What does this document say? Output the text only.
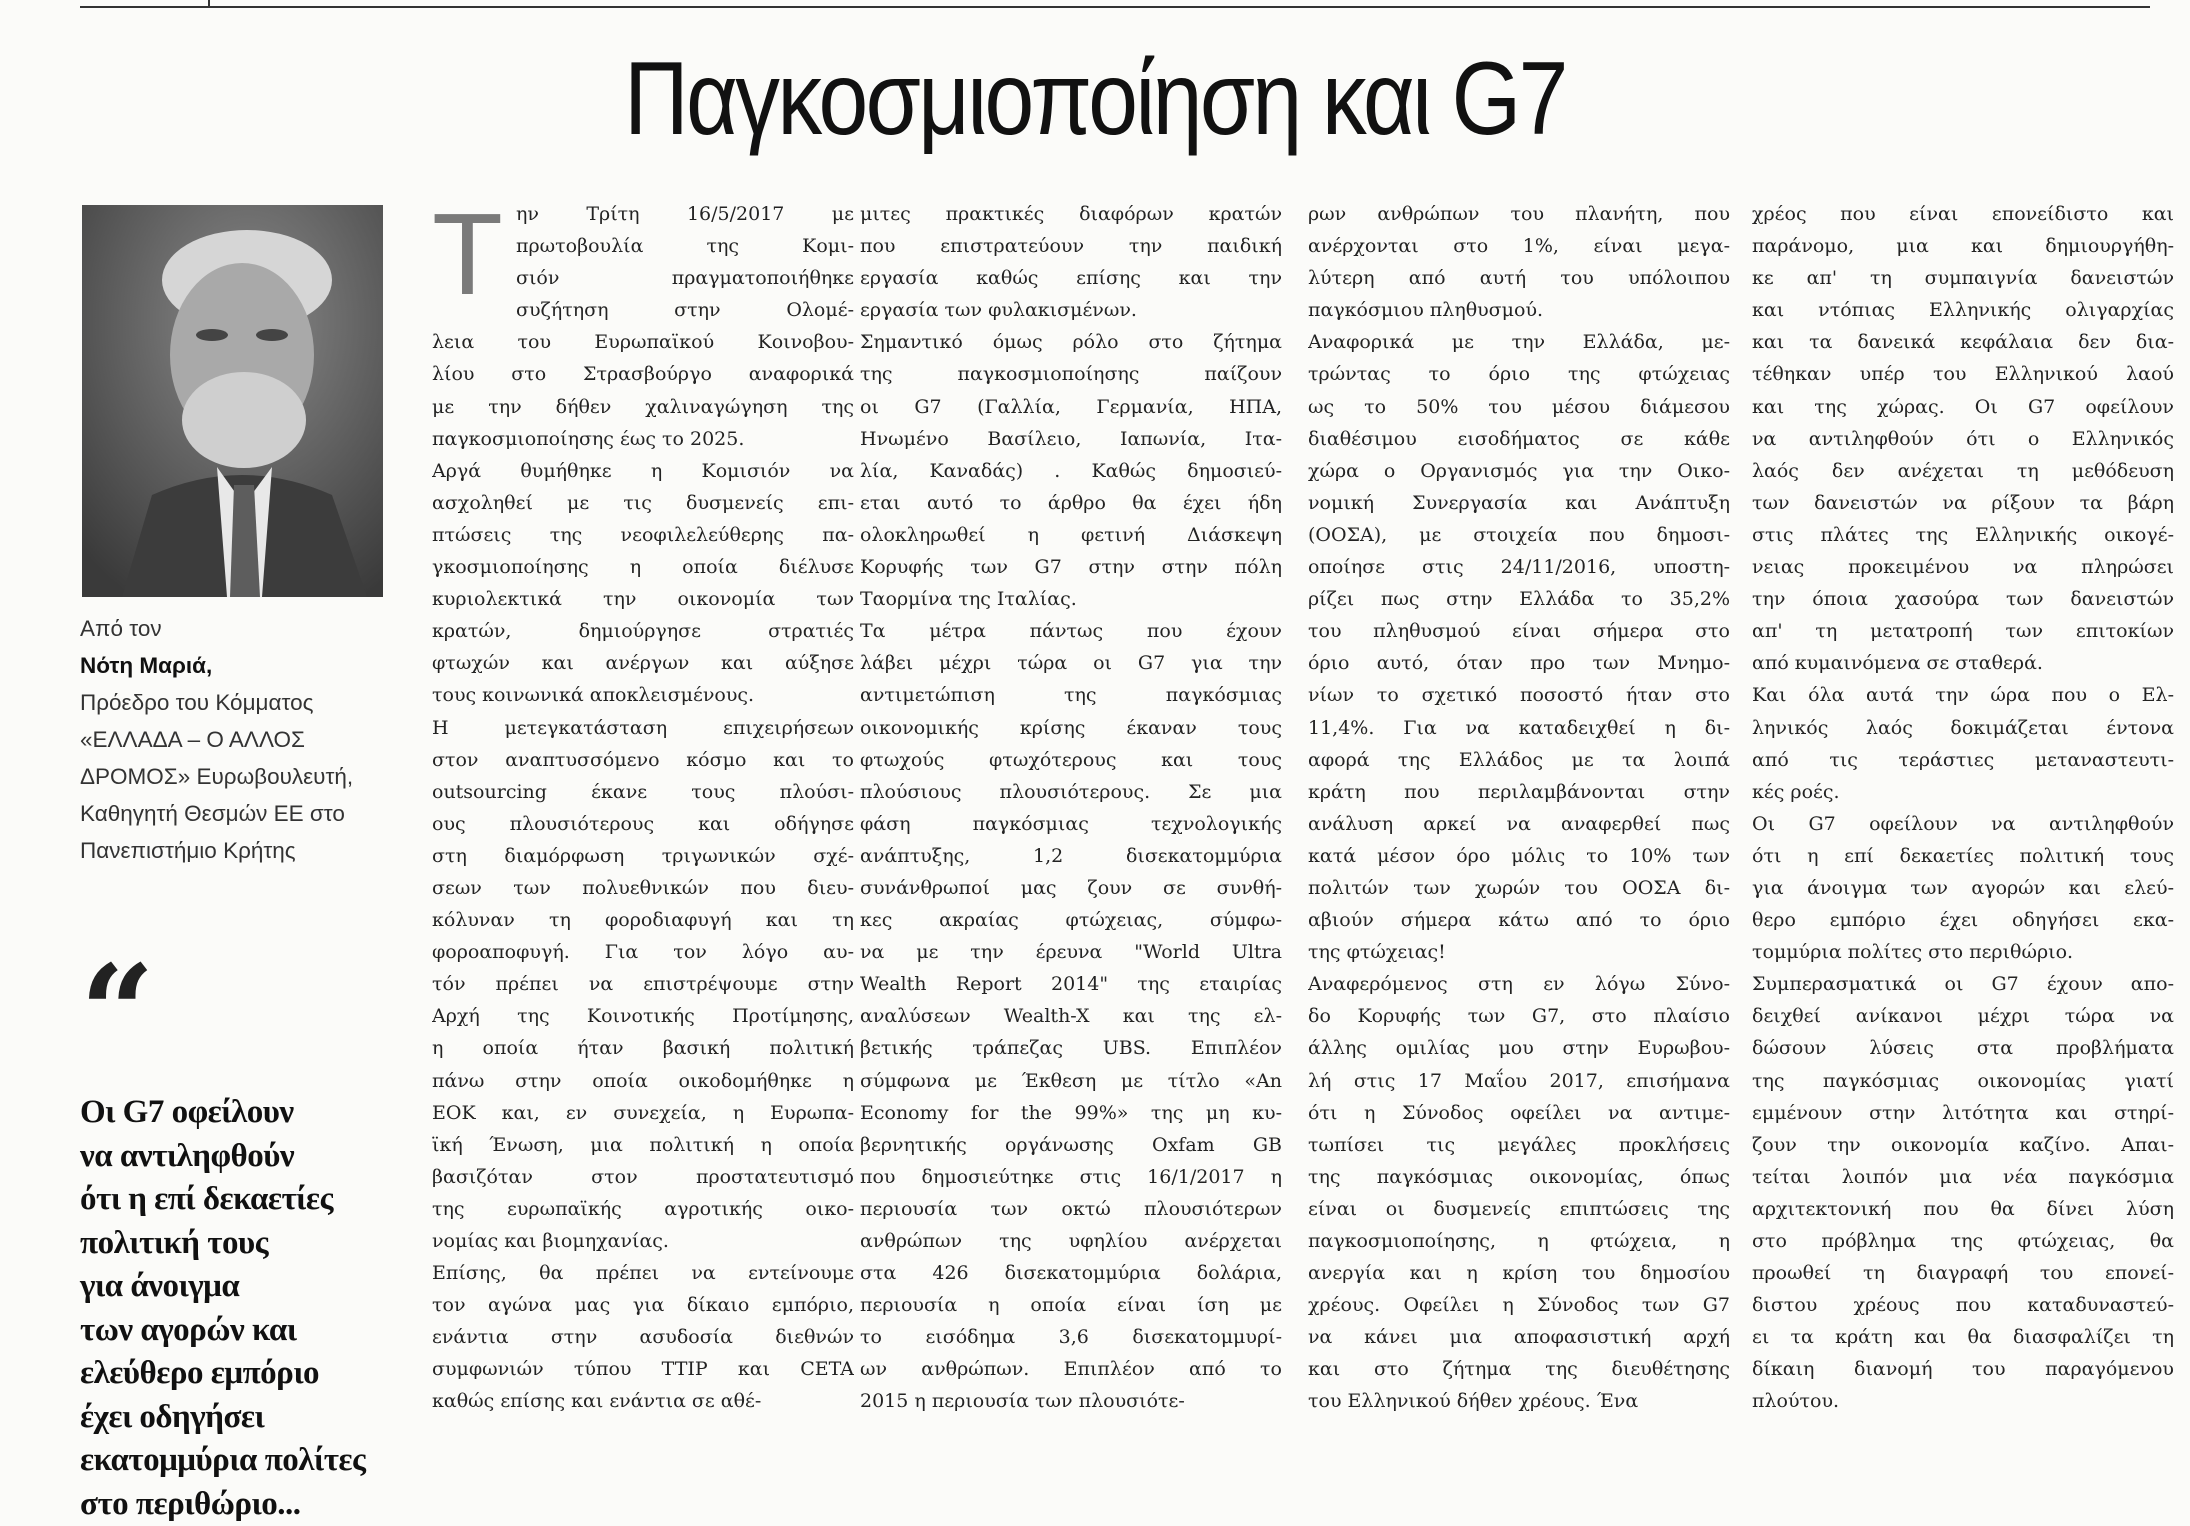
Παγκοσμιοποίηση και G7
Από τον
Νότη Μαριά,
Πρόεδρο του Κόμματος
«ΕΛΛΑΔΑ – Ο ΑΛΛΟΣ
ΔΡΟΜΟΣ» Ευρωβουλευτή,
Καθηγητή Θεσμών ΕΕ στο
Πανεπιστήμιο Κρήτης
“
Οι G7 οφείλουν
να αντιληφθούν
ότι η επί δεκαετίες
πολιτική τους
για άνοιγμα
των αγορών και
ελεύθερο εμπόριο
έχει οδηγήσει
εκατομμύρια πολίτες
στο περιθώριο...
Τ ην Τρίτη 16/5/2017 με
πρωτοβουλία της Κομι-
σιόν πραγματοποιήθηκε
συζήτηση στην Ολομέ-
λεια του Ευρωπαϊκού Κοινοβου-
λίου στο Στρασβούργο αναφορικά
με την δήθεν χαλιναγώγηση της
παγκοσμιοποίησης έως το 2025.
Αργά θυμήθηκε η Κομισιόν να
ασχοληθεί με τις δυσμενείς επι-
πτώσεις της νεοφιλελεύθερης πα-
γκοσμιοποίησης η οποία διέλυσε
κυριολεκτικά την οικονομία των
κρατών, δημιούργησε στρατιές
φτωχών και ανέργων και αύξησε
τους κοινωνικά αποκλεισμένους.
Η μετεγκατάσταση επιχειρήσεων
στον αναπτυσσόμενο κόσμο και το
outsourcing έκανε τους πλούσι-
ους πλουσιότερους και οδήγησε
στη διαμόρφωση τριγωνικών σχέ-
σεων των πολυεθνικών που διευ-
κόλυναν τη φοροδιαφυγή και τη
φοροαποφυγή. Για τον λόγο αυ-
τόν πρέπει να επιστρέψουμε στην
Αρχή της Κοινοτικής Προτίμησης,
η οποία ήταν βασική πολιτική
πάνω στην οποία οικοδομήθηκε η
ΕΟΚ και, εν συνεχεία, η Ευρωπα-
ϊκή Ένωση, μια πολιτική η οποία
βασιζόταν στον προστατευτισμό
της ευρωπαϊκής αγροτικής οικο-
νομίας και βιομηχανίας.
Επίσης, θα πρέπει να εντείνουμε
τον αγώνα μας για δίκαιο εμπόριο,
ενάντια στην ασυδοσία διεθνών
συμφωνιών τύπου TTIP και CETA
καθώς επίσης και ενάντια σε αθέ-
μιτες πρακτικές διαφόρων κρατών
που επιστρατεύουν την παιδική
εργασία καθώς επίσης και την
εργασία των φυλακισμένων.
Σημαντικό όμως ρόλο στο ζήτημα
της παγκοσμιοποίησης παίζουν
οι G7 (Γαλλία, Γερμανία, ΗΠΑ,
Ηνωμένο Βασίλειο, Ιαπωνία, Ιτα-
λία, Καναδάς) . Καθώς δημοσιεύ-
εται αυτό το άρθρο θα έχει ήδη
ολοκληρωθεί η φετινή Διάσκεψη
Κορυφής των G7 στην στην πόλη
Ταορμίνα της Ιταλίας.
Τα μέτρα πάντως που έχουν
λάβει μέχρι τώρα οι G7 για την
αντιμετώπιση της παγκόσμιας
οικονομικής κρίσης έκαναν τους
φτωχούς φτωχότερους και τους
πλούσιους πλουσιότερους. Σε μια
φάση παγκόσμιας τεχνολογικής
ανάπτυξης, 1,2 δισεκατομμύρια
συνάνθρωποί μας ζουν σε συνθή-
κες ακραίας φτώχειας, σύμφω-
να με την έρευνα "World Ultra
Wealth Report 2014" της εταιρίας
αναλύσεων Wealth-X και της ελ-
βετικής τράπεζας UBS. Επιπλέον
σύμφωνα με Έκθεση με τίτλο «An
Economy for the 99%» της μη κυ-
βερνητικής οργάνωσης Oxfam GB
που δημοσιεύτηκε στις 16/1/2017 η
περιουσία των οκτώ πλουσιότερων
ανθρώπων της υφηλίου ανέρχεται
στα 426 δισεκατομμύρια δολάρια,
περιουσία η οποία είναι ίση με
το εισόδημα 3,6 δισεκατομμυρί-
ων ανθρώπων. Επιπλέον από το
2015 η περιουσία των πλουσιότε-
ρων ανθρώπων του πλανήτη, που
ανέρχονται στο 1%, είναι μεγα-
λύτερη από αυτή του υπόλοιπου
παγκόσμιου πληθυσμού.
Αναφορικά με την Ελλάδα, με-
τρώντας το όριο της φτώχειας
ως το 50% του μέσου διάμεσου
διαθέσιμου εισοδήματος σε κάθε
χώρα ο Οργανισμός για την Οικο-
νομική Συνεργασία και Ανάπτυξη
(ΟΟΣΑ), με στοιχεία που δημοσι-
οποίησε στις 24/11/2016, υποστη-
ρίζει πως στην Ελλάδα το 35,2%
του πληθυσμού είναι σήμερα στο
όριο αυτό, όταν προ των Μνημο-
νίων το σχετικό ποσοστό ήταν στο
11,4%. Για να καταδειχθεί η δι-
αφορά της Ελλάδος με τα λοιπά
κράτη που περιλαμβάνονται στην
ανάλυση αρκεί να αναφερθεί πως
κατά μέσον όρο μόλις το 10% των
πολιτών των χωρών του ΟΟΣΑ δι-
αβιούν σήμερα κάτω από το όριο
της φτώχειας!
Αναφερόμενος στη εν λόγω Σύνο-
δο Κορυφής των G7, στο πλαίσιο
άλλης ομιλίας μου στην Ευρωβου-
λή στις 17 Μαΐου 2017, επισήμανα
ότι η Σύνοδος οφείλει να αντιμε-
τωπίσει τις μεγάλες προκλήσεις
της παγκόσμιας οικονομίας, όπως
είναι οι δυσμενείς επιπτώσεις της
παγκοσμιοποίησης, η φτώχεια, η
ανεργία και η κρίση του δημοσίου
χρέους. Οφείλει η Σύνοδος των G7
να κάνει μια αποφασιστική αρχή
και στο ζήτημα της διευθέτησης
του Ελληνικού δήθεν χρέους. Ένα
χρέος που είναι επονείδιστο και
παράνομο, μια και δημιουργήθη-
κε απ' τη συμπαιγνία δανειστών
και ντόπιας Ελληνικής ολιγαρχίας
και τα δανεικά κεφάλαια δεν δια-
τέθηκαν υπέρ του Ελληνικού λαού
και της χώρας. Οι G7 οφείλουν
να αντιληφθούν ότι ο Ελληνικός
λαός δεν ανέχεται τη μεθόδευση
των δανειστών να ρίξουν τα βάρη
στις πλάτες της Ελληνικής οικογέ-
νειας προκειμένου να πληρώσει
την όποια χασούρα των δανειστών
απ' τη μετατροπή των επιτοκίων
από κυμαινόμενα σε σταθερά.
Και όλα αυτά την ώρα που ο Ελ-
ληνικός λαός δοκιμάζεται έντονα
από τις τεράστιες μεταναστευτι-
κές ροές.
Οι G7 οφείλουν να αντιληφθούν
ότι η επί δεκαετίες πολιτική τους
για άνοιγμα των αγορών και ελεύ-
θερο εμπόριο έχει οδηγήσει εκα-
τομμύρια πολίτες στο περιθώριο.
Συμπερασματικά οι G7 έχουν απο-
δειχθεί ανίκανοι μέχρι τώρα να
δώσουν λύσεις στα προβλήματα
της παγκόσμιας οικονομίας γιατί
εμμένουν στην λιτότητα και στηρί-
ζουν την οικονομία καζίνο. Απαι-
τείται λοιπόν μια νέα παγκόσμια
αρχιτεκτονική που θα δίνει λύση
στο πρόβλημα της φτώχειας, θα
προωθεί τη διαγραφή του επονεί-
διστου χρέους που καταδυναστεύ-
ει τα κράτη και θα διασφαλίζει τη
δίκαιη διανομή του παραγόμενου
πλούτου.
